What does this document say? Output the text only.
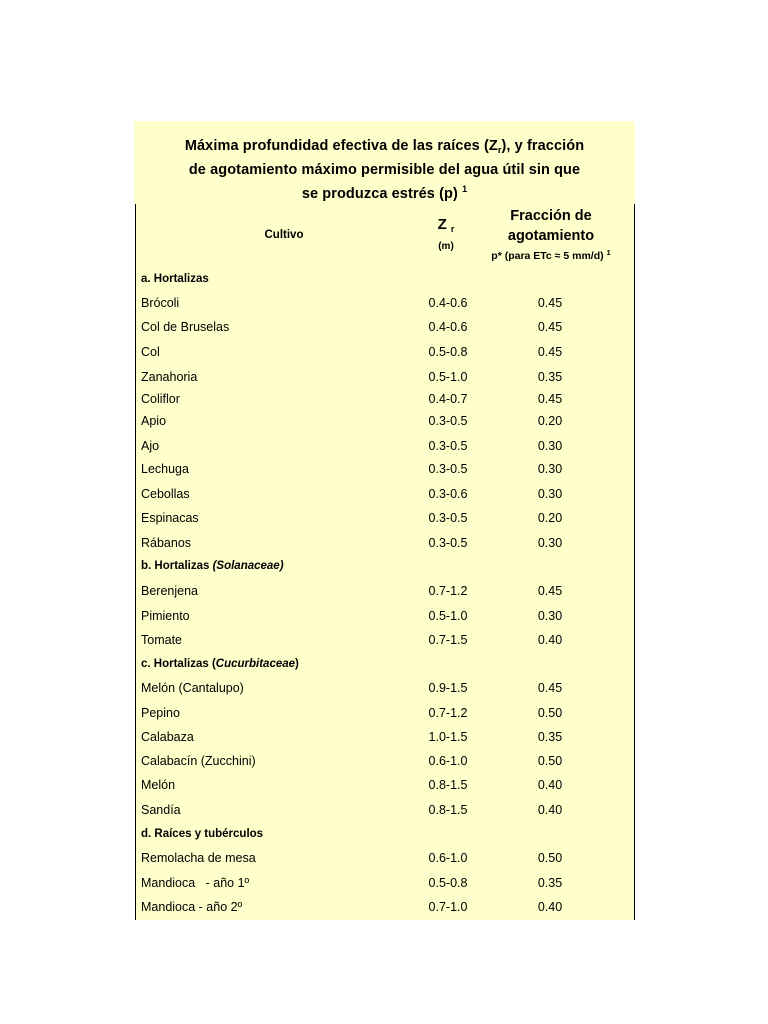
Máxima profundidad efectiva de las raíces $(Z_r)$, y fracción
de agotamiento máximo permisible del agua útil sin que
se produzca estrés (p) $^1$

Cultivo
Z $_r$
(m)
Fracción de
agotamiento
p* (para ETc ≈ 5 mm/d) $^1$
a. Hortalizas
Brócoli	0.4-0.6	0.45
Col de Bruselas	0.4-0.6	0.45
Col	0.5-0.8	0.45
Zanahoria	0.5-1.0	0.35
Coliflor	0.4-0.7	0.45
Apio	0.3-0.5	0.20
Ajo	0.3-0.5	0.30
Lechuga	0.3-0.5	0.30
Cebollas	0.3-0.6	0.30
Espinacas	0.3-0.5	0.20
Rábanos	0.3-0.5	0.30
b. Hortalizas (Solanaceae)
Berenjena	0.7-1.2	0.45
Pimiento	0.5-1.0	0.30
Tomate	0.7-1.5	0.40
c. Hortalizas (Cucurbitaceae)
Melón (Cantalupo)	0.9-1.5	0.45
Pepino	0.7-1.2	0.50
Calabaza	1.0-1.5	0.35
Calabacín (Zucchini)	0.6-1.0	0.50
Melón	0.8-1.5	0.40
Sandía	0.8-1.5	0.40
d. Raíces y tubérculos
Remolacha de mesa	0.6-1.0	0.50
Mandioca   - año 1º	0.5-0.8	0.35
Mandioca - año 2º	0.7-1.0	0.40
